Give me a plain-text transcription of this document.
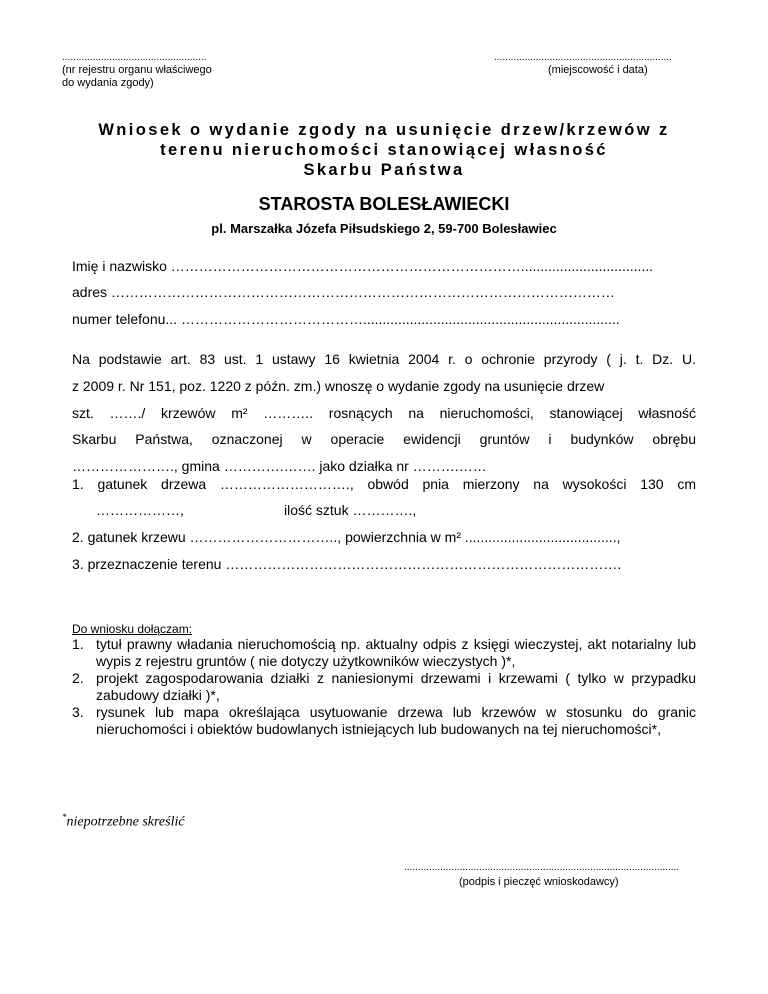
....................................................
(nr rejestru organu właściwego
do wydania zgody)
................................................................
(miejscowość i data)
Wniosek o wydanie zgody na usunięcie drzew/krzewów z
terenu nieruchomości stanowiącej własność
Skarbu Państwa
STAROSTA BOLESŁAWIECKI
pl. Marszałka Józefa Piłsudskiego 2, 59-700 Bolesławiec
Imię i nazwisko …………………………………………………………………..................................
adres ………………………………………………………………………………………………
numer telefonu... …………………………………..................................................................
Na podstawie art. 83 ust. 1 ustawy 16 kwietnia 2004 r. o ochronie przyrody ( j. t. Dz. U.
z 2009 r. Nr 151, poz. 1220 z późn. zm.) wnoszę o wydanie zgody na usunięcie drzew
szt. ……./ krzewów m² ……….. rosnących na nieruchomości, stanowiącej własność
Skarbu Państwa, oznaczonej w operacie ewidencji gruntów i budynków obrębu
…………………., gmina ………….……. jako działka nr ……….……
1. gatunek drzewa ………………………., obwód pnia mierzony na wysokości 130 cm
………………,	ilość sztuk ………….,
2. gatunek krzewu ………………………….., powierzchnia w m² .......................................,
3. przeznaczenie terenu ………………………………………………………………………….
Do wniosku dołączam:
1. tytuł prawny władania nieruchomością np. aktualny odpis z księgi wieczystej, akt notarialny lub wypis z rejestru gruntów ( nie dotyczy użytkowników wieczystych )*,
2. projekt zagospodarowania działki z naniesionymi drzewami i krzewami ( tylko w przypadku zabudowy działki )*,
3. rysunek lub mapa określająca usytuowanie drzewa lub krzewów w stosunku do granic nieruchomości i obiektów budowlanych istniejących lub budowanych na tej nieruchomości*,
*niepotrzebne skreślić
...................................................................................................
(podpis i pieczęć wnioskodawcy)
